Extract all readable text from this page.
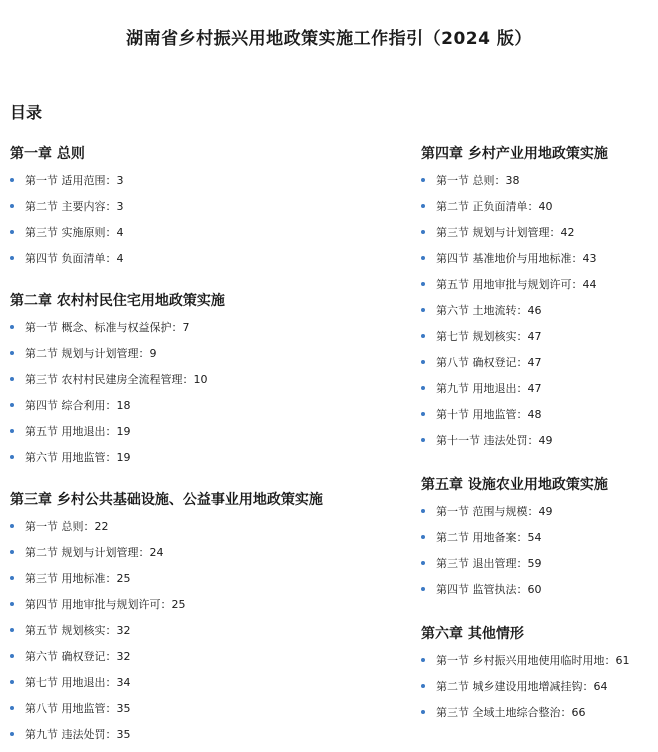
湖南省乡村振兴用地政策实施工作指引（2024 版）
目录
第一章 总则
第一节 适用范围：3
第二节 主要内容：3
第三节 实施原则：4
第四节 负面清单：4
第二章 农村村民住宅用地政策实施
第一节 概念、标准与权益保护：7
第二节 规划与计划管理：9
第三节 农村村民建房全流程管理：10
第四节 综合利用：18
第五节 用地退出：19
第六节 用地监管：19
第三章 乡村公共基础设施、公益事业用地政策实施
第一节 总则：22
第二节 规划与计划管理：24
第三节 用地标准：25
第四节 用地审批与规划许可：25
第五节 规划核实：32
第六节 确权登记：32
第七节 用地退出：34
第八节 用地监管：35
第九节 违法处罚：35
第四章 乡村产业用地政策实施
第一节 总则：38
第二节 正负面清单：40
第三节 规划与计划管理：42
第四节 基准地价与用地标准：43
第五节 用地审批与规划许可：44
第六节 土地流转：46
第七节 规划核实：47
第八节 确权登记：47
第九节 用地退出：47
第十节 用地监管：48
第十一节 违法处罚：49
第五章 设施农业用地政策实施
第一节 范围与规模：49
第二节 用地备案：54
第三节 退出管理：59
第四节 监管执法：60
第六章 其他情形
第一节 乡村振兴用地使用临时用地：61
第二节 城乡建设用地增减挂钩：64
第三节 全域土地综合整治：66
